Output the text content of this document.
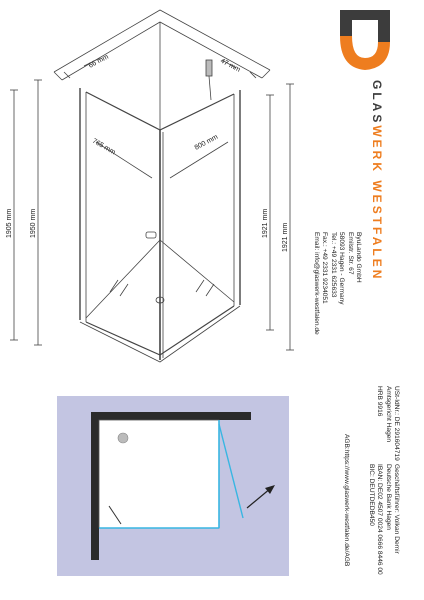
66 mm	47 mm
765 mm	800 mm
1905 mm 1950 mm	1921 mm 1921 mm
GLASWERK WESTFALEN
ByuLando GmbH
Emilstr. Str. 67
58093 Hagen - Germany
Tel.: +49 2331 625633
Fax.: +49 2331 9234051
Email: info@glaswerk-westfalen.de
USt-IdNr.: DE 291604719
Amtsgericht Hagen
HRB 9916
Geschäftsführer: Volkan Demir
Deutsche Bank Hagen
IBAN: DE02 4507 0024 0666 8446 00
BIC: DEUTDEDB450
AGB:https://www.glaswerk-westfalen.de/AGB
